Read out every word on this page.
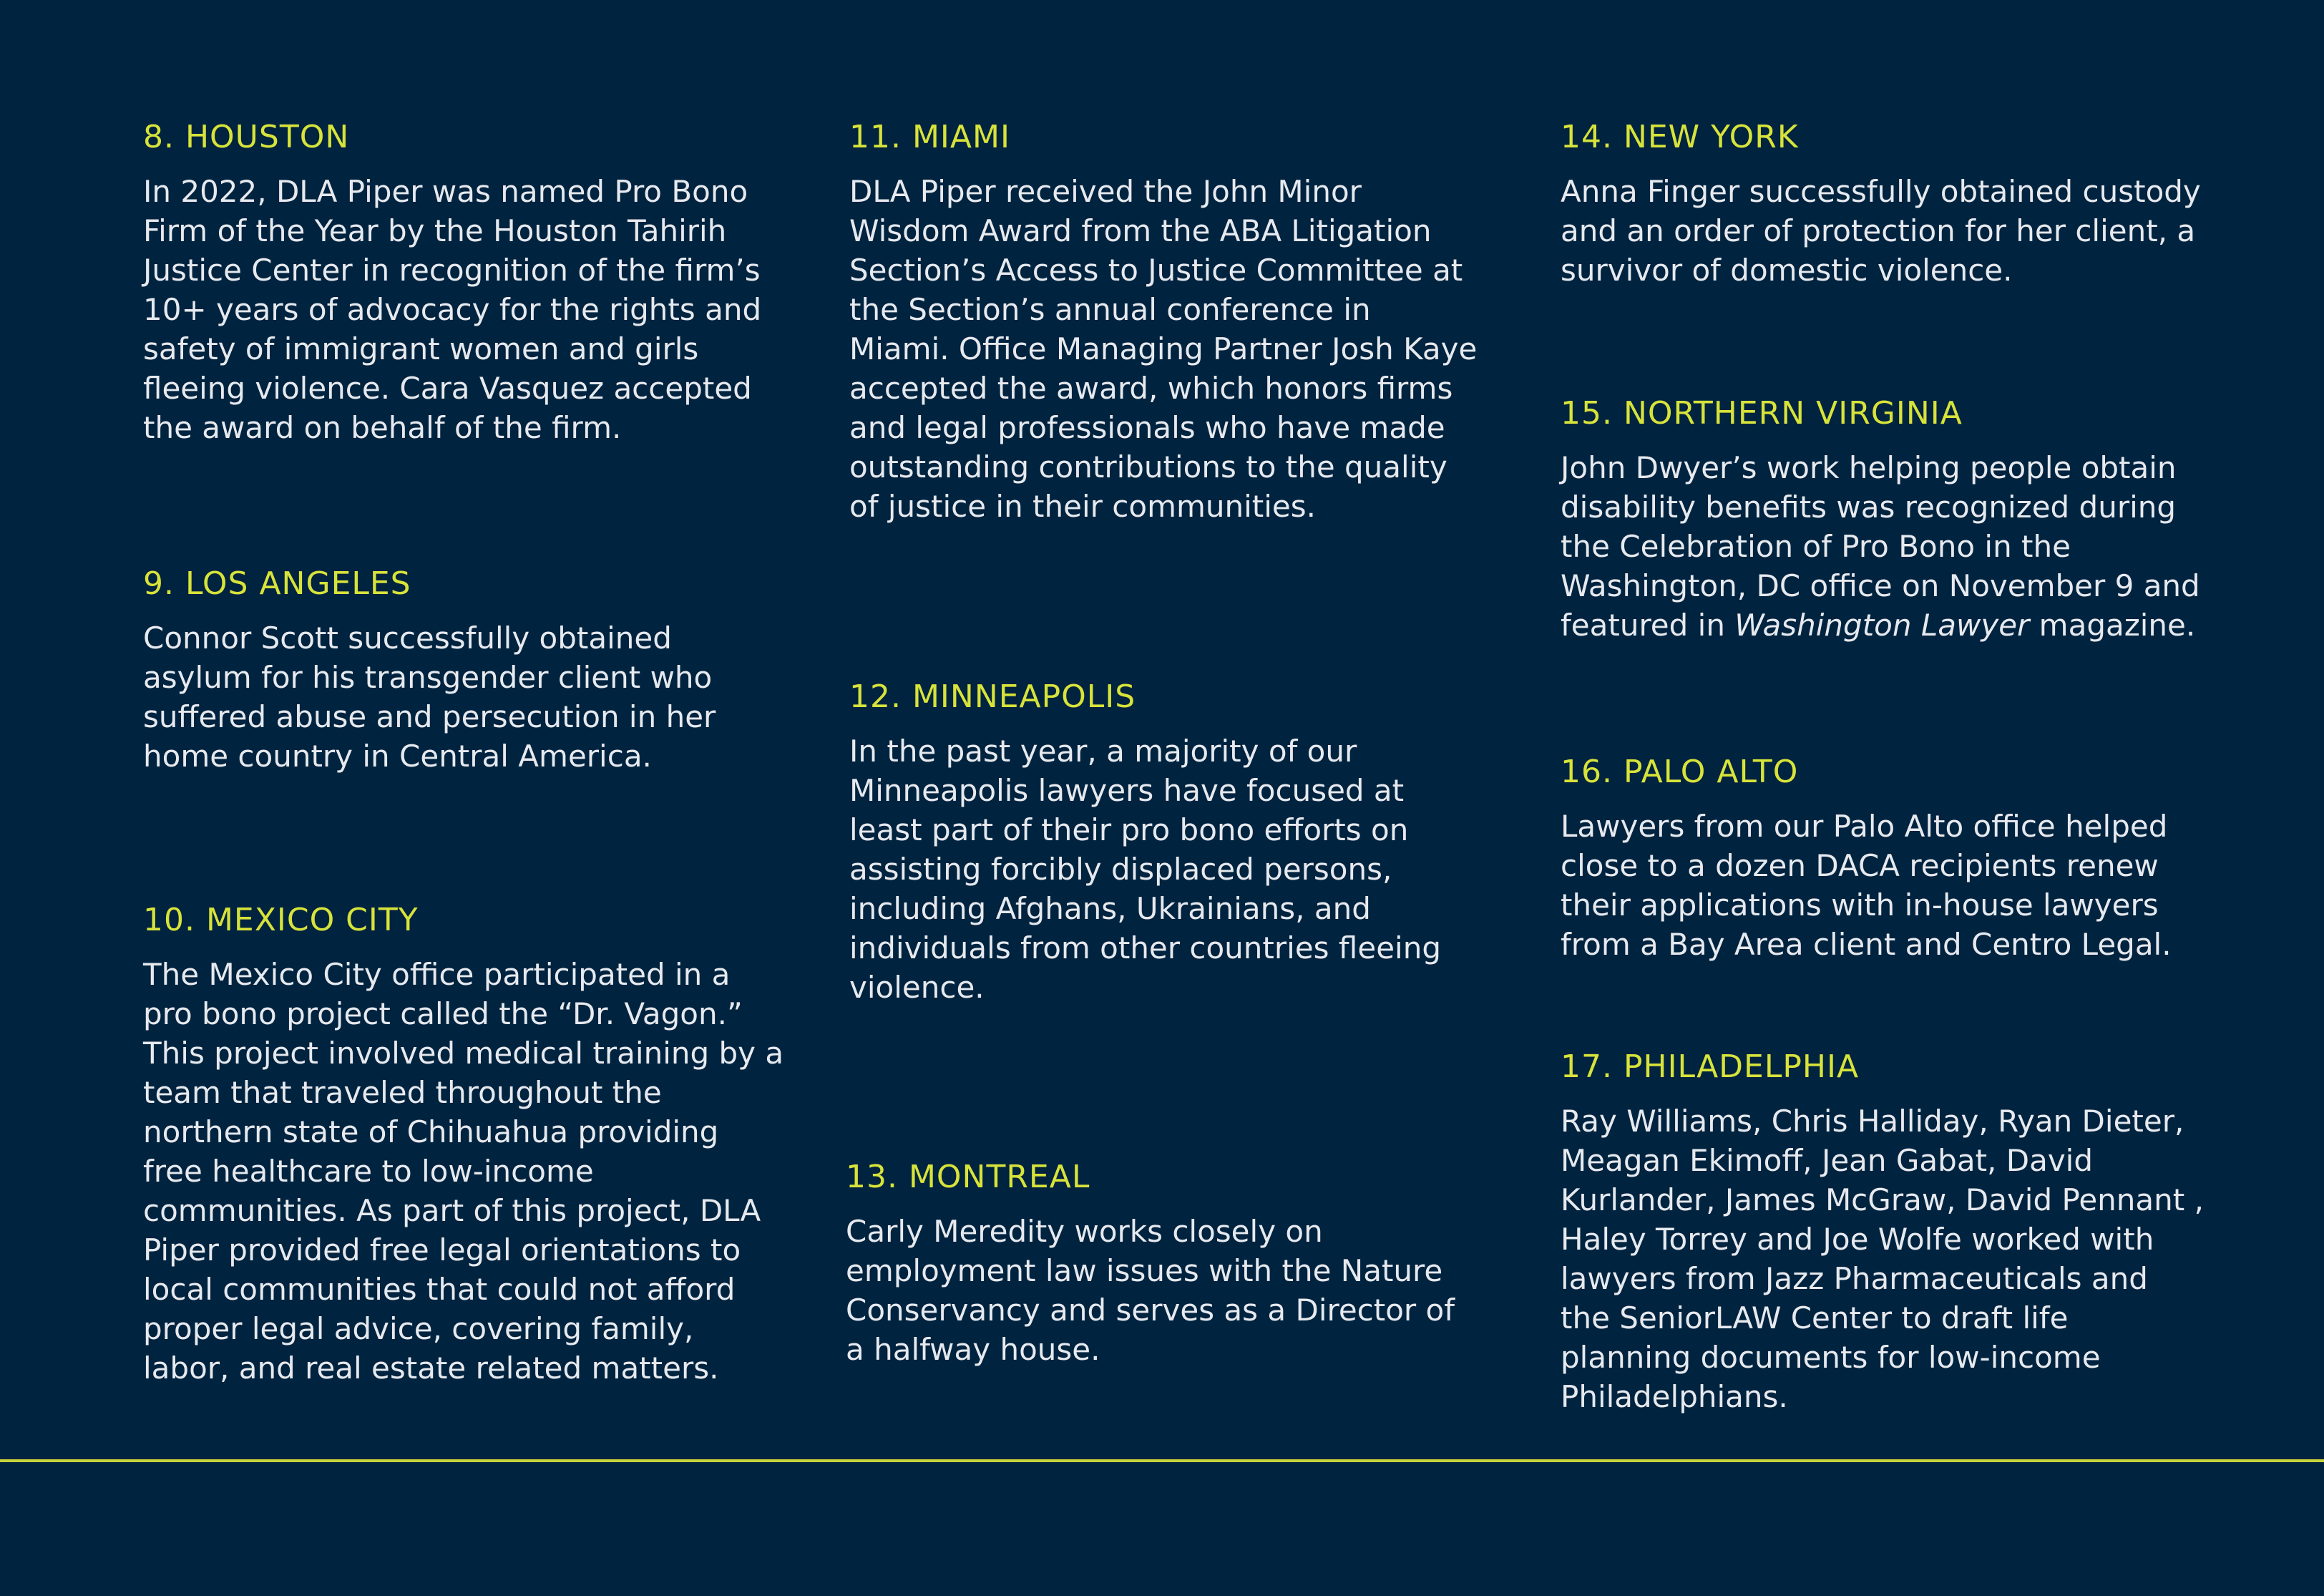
8. HOUSTON

In 2022, DLA Piper was named Pro Bono Firm of the Year by the Houston Tahirih Justice Center in recognition of the firm’s 10+ years of advocacy for the rights and safety of immigrant women and girls fleeing violence. Cara Vasquez accepted the award on behalf of the firm.

9. LOS ANGELES

Connor Scott successfully obtained asylum for his transgender client who suffered abuse and persecution in her home country in Central America.

10. MEXICO CITY

The Mexico City office participated in a pro bono project called the “Dr. Vagon.” This project involved medical training by a team that traveled throughout the northern state of Chihuahua providing free healthcare to low-income communities. As part of this project, DLA Piper provided free legal orientations to local communities that could not afford proper legal advice, covering family, labor, and real estate related matters.

11. MIAMI

DLA Piper received the John Minor Wisdom Award from the ABA Litigation Section’s Access to Justice Committee at the Section’s annual conference in Miami. Office Managing Partner Josh Kaye accepted the award, which honors firms and legal professionals who have made outstanding contributions to the quality of justice in their communities.

12. MINNEAPOLIS

In the past year, a majority of our Minneapolis lawyers have focused at least part of their pro bono efforts on assisting forcibly displaced persons, including Afghans, Ukrainians, and individuals from other countries fleeing violence.

13. MONTREAL

Carly Meredity works closely on employment law issues with the Nature Conservancy and serves as a Director of a halfway house.

14. NEW YORK

Anna Finger successfully obtained custody and an order of protection for her client, a survivor of domestic violence.

15. NORTHERN VIRGINIA

John Dwyer’s work helping people obtain disability benefits was recognized during the Celebration of Pro Bono in the Washington, DC office on November 9 and featured in Washington Lawyer magazine.

16. PALO ALTO

Lawyers from our Palo Alto office helped close to a dozen DACA recipients renew their applications with in-house lawyers from a Bay Area client and Centro Legal.

17. PHILADELPHIA

Ray Williams, Chris Halliday, Ryan Dieter, Meagan Ekimoff, Jean Gabat, David Kurlander, James McGraw, David Pennant , Haley Torrey and Joe Wolfe worked with lawyers from Jazz Pharmaceuticals and the SeniorLAW Center to draft life planning documents for low-income Philadelphians.
